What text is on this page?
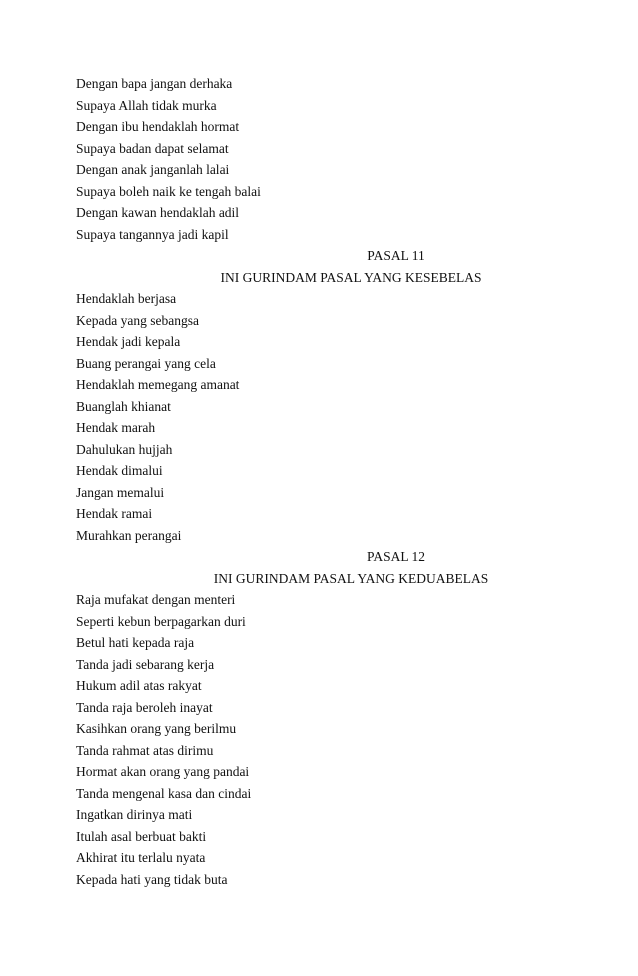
Dengan bapa jangan derhaka
Supaya Allah tidak murka
Dengan ibu hendaklah hormat
Supaya badan dapat selamat
Dengan anak janganlah lalai
Supaya boleh naik ke tengah balai
Dengan kawan hendaklah adil
Supaya tangannya jadi kapil
PASAL 11
INI GURINDAM PASAL YANG KESEBELAS
Hendaklah berjasa
Kepada yang sebangsa
Hendak jadi kepala
Buang perangai yang cela
Hendaklah memegang amanat
Buanglah khianat
Hendak marah
Dahulukan hujjah
Hendak dimalui
Jangan memalui
Hendak ramai
Murahkan perangai
PASAL 12
INI GURINDAM PASAL YANG KEDUABELAS
Raja mufakat dengan menteri
Seperti kebun berpagarkan duri
Betul hati kepada raja
Tanda jadi sebarang kerja
Hukum adil atas rakyat
Tanda raja beroleh inayat
Kasihkan orang yang berilmu
Tanda rahmat atas dirimu
Hormat akan orang yang pandai
Tanda mengenal kasa dan cindai
Ingatkan dirinya mati
Itulah asal berbuat bakti
Akhirat itu terlalu nyata
Kepada hati yang tidak buta
